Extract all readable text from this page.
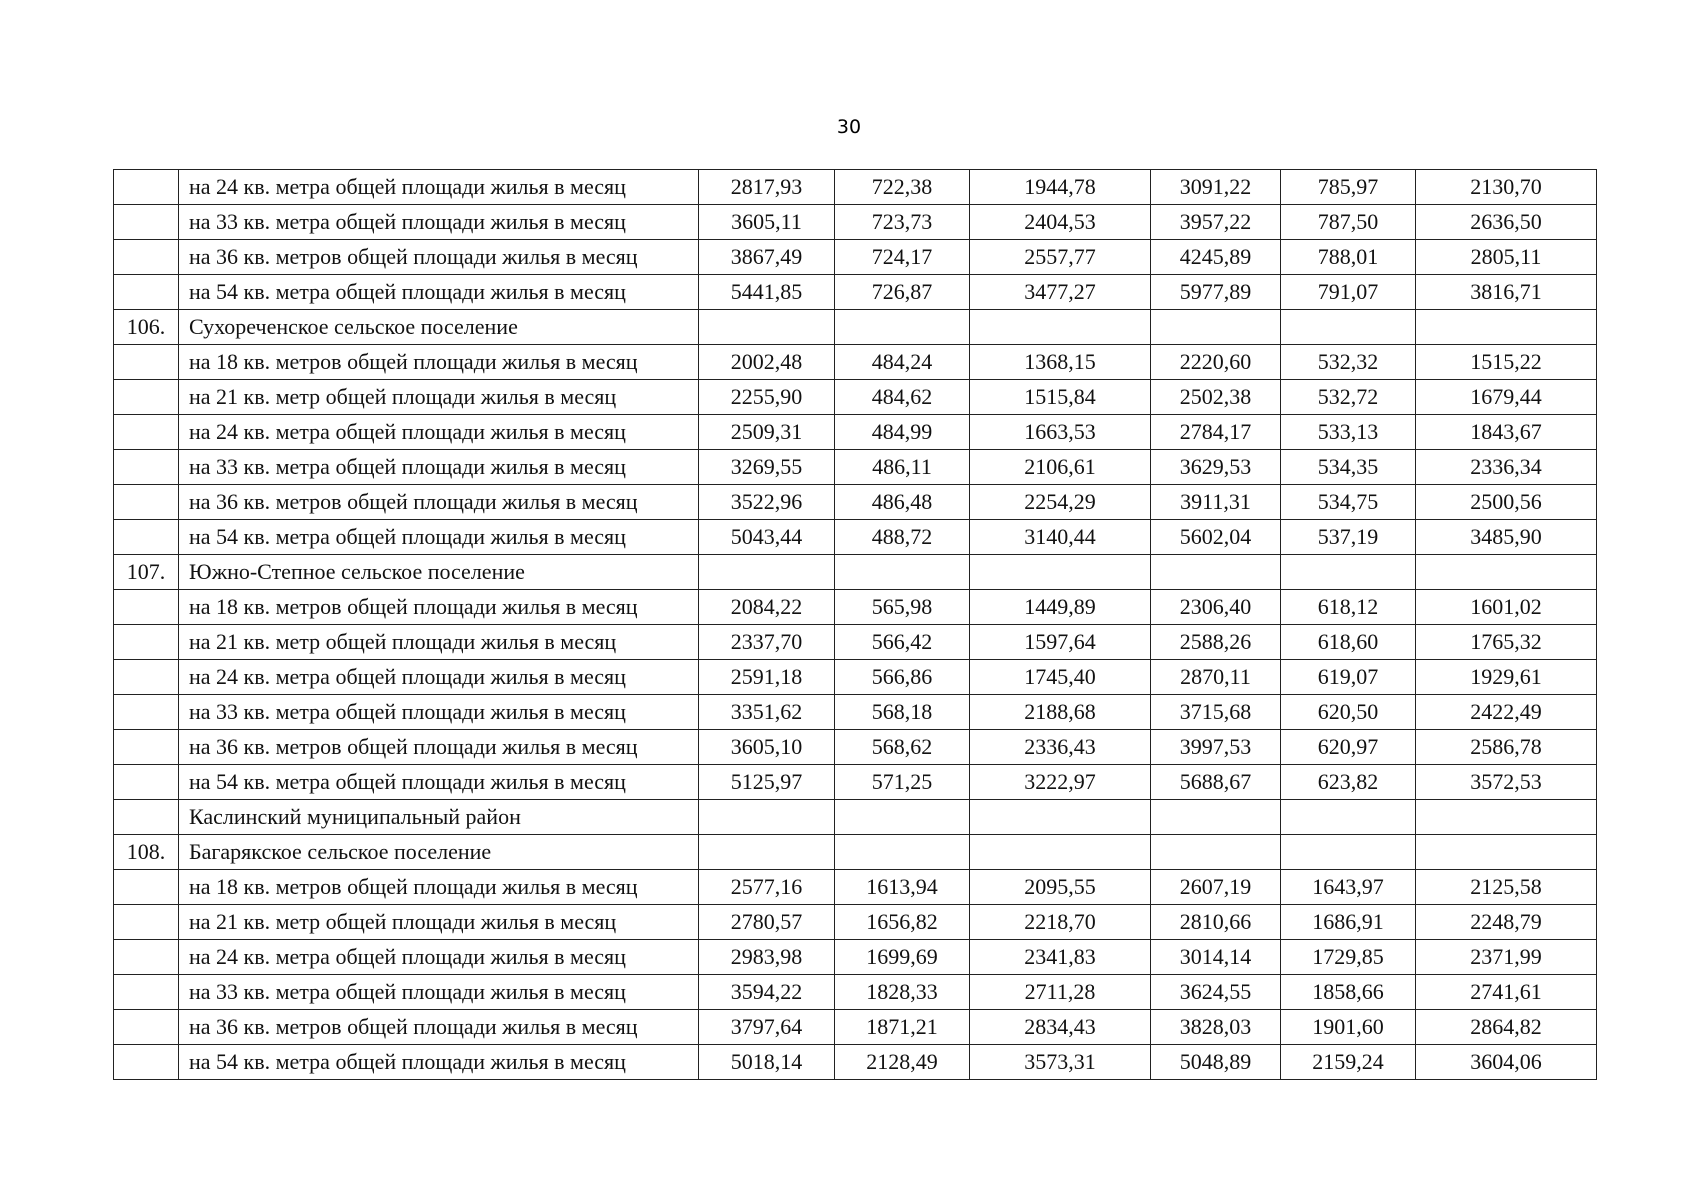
30
	на 24 кв. метра общей площади жилья в месяц	2817,93	722,38	1944,78	3091,22	785,97	2130,70
	на 33 кв. метра общей площади жилья в месяц	3605,11	723,73	2404,53	3957,22	787,50	2636,50
	на 36 кв. метров общей площади жилья в месяц	3867,49	724,17	2557,77	4245,89	788,01	2805,11
	на 54 кв. метра общей площади жилья в месяц	5441,85	726,87	3477,27	5977,89	791,07	3816,71
106.	Сухореченское сельское поселение						
	на 18 кв. метров общей площади жилья в месяц	2002,48	484,24	1368,15	2220,60	532,32	1515,22
	на 21 кв. метр общей площади жилья в месяц	2255,90	484,62	1515,84	2502,38	532,72	1679,44
	на 24 кв. метра общей площади жилья в месяц	2509,31	484,99	1663,53	2784,17	533,13	1843,67
	на 33 кв. метра общей площади жилья в месяц	3269,55	486,11	2106,61	3629,53	534,35	2336,34
	на 36 кв. метров общей площади жилья в месяц	3522,96	486,48	2254,29	3911,31	534,75	2500,56
	на 54 кв. метра общей площади жилья в месяц	5043,44	488,72	3140,44	5602,04	537,19	3485,90
107.	Южно-Степное сельское поселение						
	на 18 кв. метров общей площади жилья в месяц	2084,22	565,98	1449,89	2306,40	618,12	1601,02
	на 21 кв. метр общей площади жилья в месяц	2337,70	566,42	1597,64	2588,26	618,60	1765,32
	на 24 кв. метра общей площади жилья в месяц	2591,18	566,86	1745,40	2870,11	619,07	1929,61
	на 33 кв. метра общей площади жилья в месяц	3351,62	568,18	2188,68	3715,68	620,50	2422,49
	на 36 кв. метров общей площади жилья в месяц	3605,10	568,62	2336,43	3997,53	620,97	2586,78
	на 54 кв. метра общей площади жилья в месяц	5125,97	571,25	3222,97	5688,67	623,82	3572,53
	Каслинский муниципальный район						
108.	Багарякское сельское поселение						
	на 18 кв. метров общей площади жилья в месяц	2577,16	1613,94	2095,55	2607,19	1643,97	2125,58
	на 21 кв. метр общей площади жилья в месяц	2780,57	1656,82	2218,70	2810,66	1686,91	2248,79
	на 24 кв. метра общей площади жилья в месяц	2983,98	1699,69	2341,83	3014,14	1729,85	2371,99
	на 33 кв. метра общей площади жилья в месяц	3594,22	1828,33	2711,28	3624,55	1858,66	2741,61
	на 36 кв. метров общей площади жилья в месяц	3797,64	1871,21	2834,43	3828,03	1901,60	2864,82
	на 54 кв. метра общей площади жилья в месяц	5018,14	2128,49	3573,31	5048,89	2159,24	3604,06
